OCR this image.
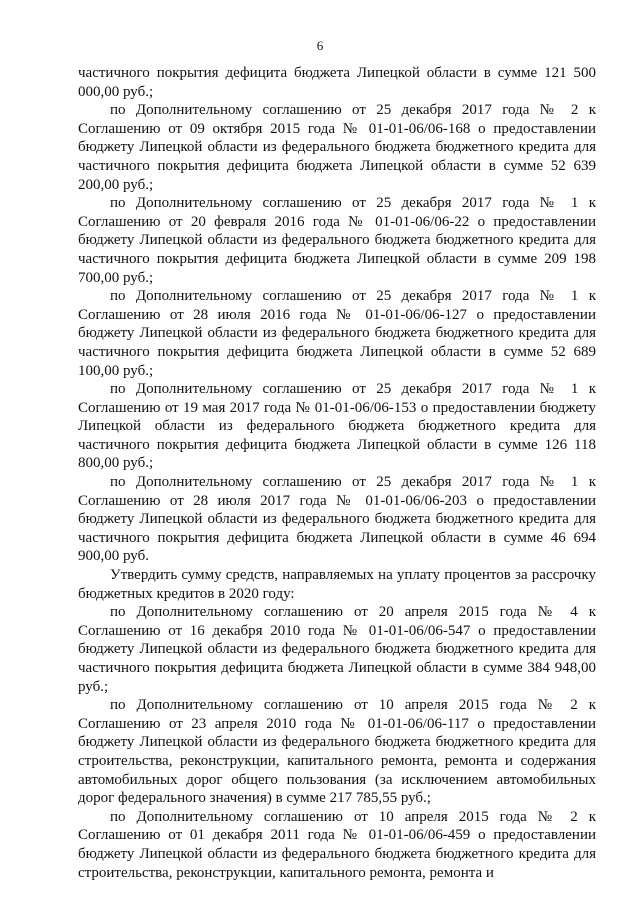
6

частичного покрытия дефицита бюджета Липецкой области в сумме 121 500 000,00 руб.;

по Дополнительному соглашению от 25 декабря 2017 года № 2 к Соглашению от 09 октября 2015 года № 01-01-06/06-168 о предоставлении бюджету Липецкой области из федерального бюджета бюджетного кредита для частичного покрытия дефицита бюджета Липецкой области в сумме 52 639 200,00 руб.;

по Дополнительному соглашению от 25 декабря 2017 года № 1 к Соглашению от 20 февраля 2016 года № 01-01-06/06-22 о предоставлении бюджету Липецкой области из федерального бюджета бюджетного кредита для частичного покрытия дефицита бюджета Липецкой области в сумме 209 198 700,00 руб.;

по Дополнительному соглашению от 25 декабря 2017 года № 1 к Соглашению от 28 июля 2016 года № 01-01-06/06-127 о предоставлении бюджету Липецкой области из федерального бюджета бюджетного кредита для частичного покрытия дефицита бюджета Липецкой области в сумме 52 689 100,00 руб.;

по Дополнительному соглашению от 25 декабря 2017 года № 1 к Соглашению от 19 мая 2017 года № 01-01-06/06-153 о предоставлении бюджету Липецкой области из федерального бюджета бюджетного кредита для частичного покрытия дефицита бюджета Липецкой области в сумме 126 118 800,00 руб.;

по Дополнительному соглашению от 25 декабря 2017 года № 1 к Соглашению от 28 июля 2017 года № 01-01-06/06-203 о предоставлении бюджету Липецкой области из федерального бюджета бюджетного кредита для частичного покрытия дефицита бюджета Липецкой области в сумме 46 694 900,00 руб.

Утвердить сумму средств, направляемых на уплату процентов за рассрочку бюджетных кредитов в 2020 году:

по Дополнительному соглашению от 20 апреля 2015 года № 4 к Соглашению от 16 декабря 2010 года № 01-01-06/06-547 о предоставлении бюджету Липецкой области из федерального бюджета бюджетного кредита для частичного покрытия дефицита бюджета Липецкой области в сумме 384 948,00 руб.;

по Дополнительному соглашению от 10 апреля 2015 года № 2 к Соглашению от 23 апреля 2010 года № 01-01-06/06-117 о предоставлении бюджету Липецкой области из федерального бюджета бюджетного кредита для строительства, реконструкции, капитального ремонта, ремонта и содержания автомобильных дорог общего пользования (за исключением автомобильных дорог федерального значения) в сумме 217 785,55 руб.;

по Дополнительному соглашению от 10 апреля 2015 года № 2 к Соглашению от 01 декабря 2011 года № 01-01-06/06-459 о предоставлении бюджету Липецкой области из федерального бюджета бюджетного кредита для строительства, реконструкции, капитального ремонта, ремонта и
